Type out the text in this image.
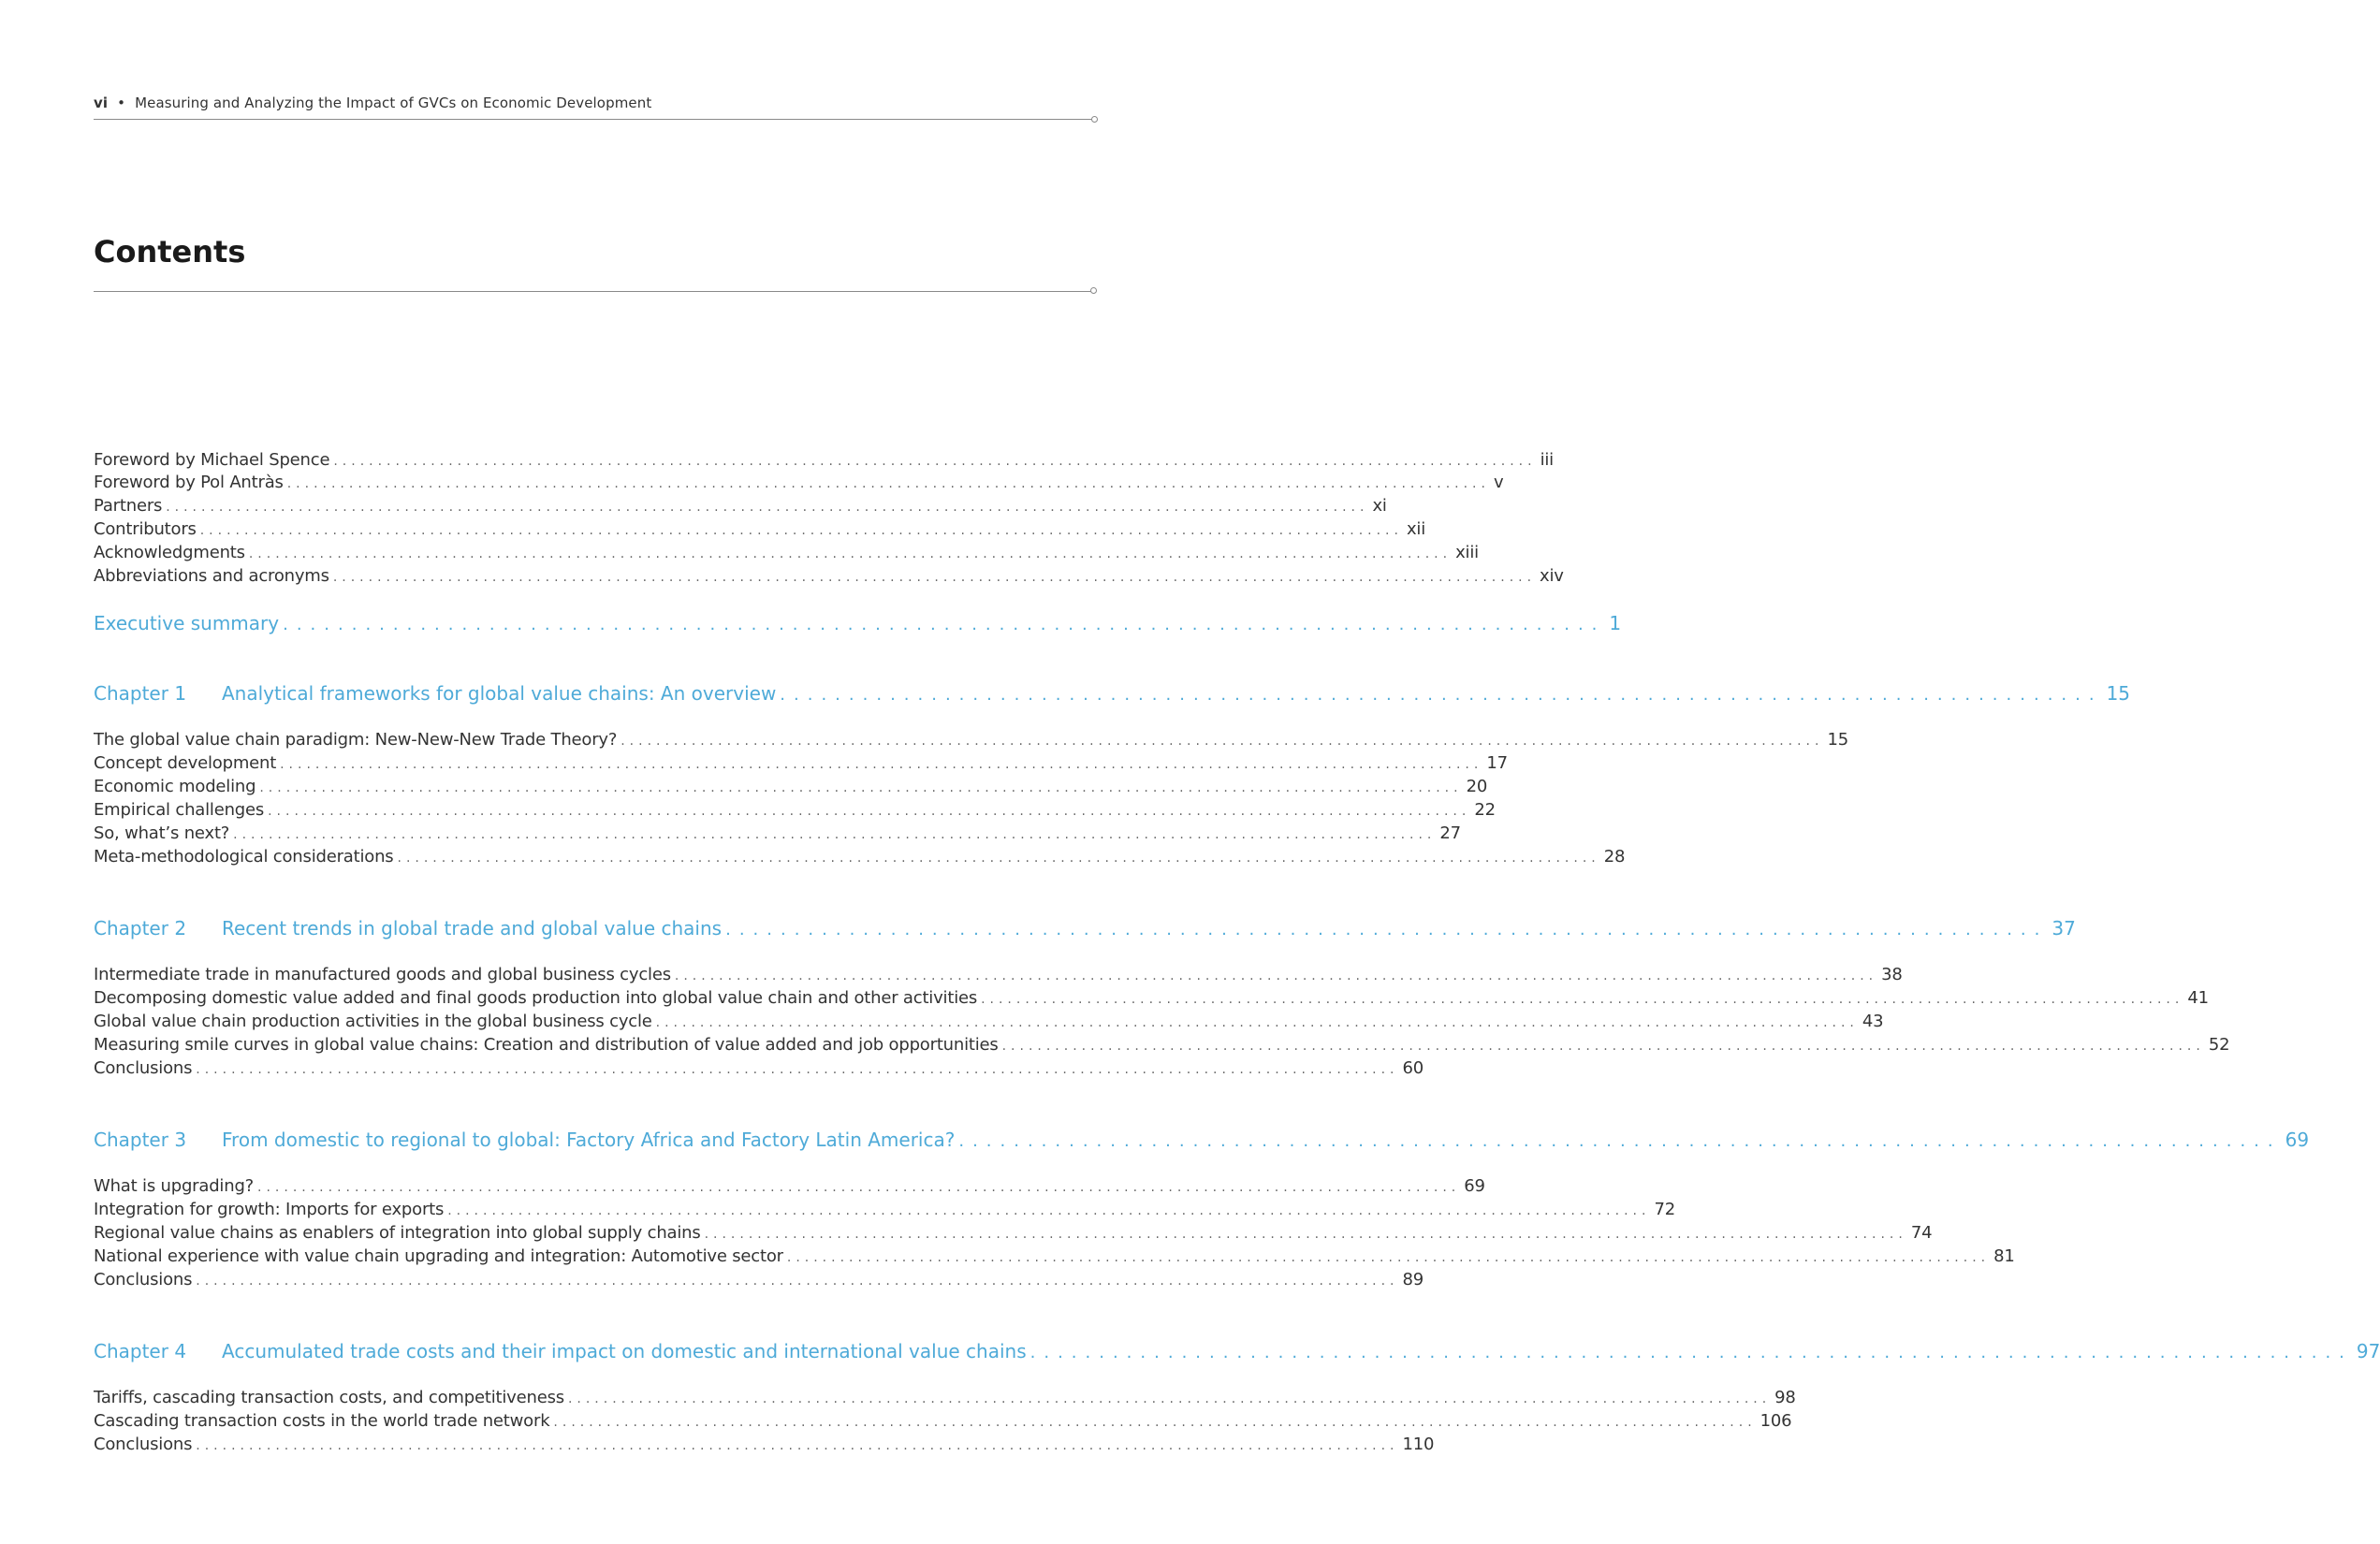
vi • Measuring and Analyzing the Impact of GVCs on Economic Development
Contents
Foreword by Michael Spence ........................................................................................................................................ iii
Foreword by Pol Antràs ........................................................................................................................................ v
Partners ........................................................................................................................................ xi
Contributors ........................................................................................................................................ xii
Acknowledgments ........................................................................................................................................ xiii
Abbreviations and acronyms ........................................................................................................................................ xiv
Executive summary ................................................................................................ 1
Chapter 1 Analytical frameworks for global value chains: An overview ................................................................................................ 15
The global value chain paradigm: New-New-New Trade Theory? ........................................................................................................................................ 15
Concept development ........................................................................................................................................ 17
Economic modeling ........................................................................................................................................ 20
Empirical challenges ........................................................................................................................................ 22
So, what’s next? ........................................................................................................................................ 27
Meta-methodological considerations ........................................................................................................................................ 28
Chapter 2 Recent trends in global trade and global value chains ................................................................................................ 37
Intermediate trade in manufactured goods and global business cycles ........................................................................................................................................ 38
Decomposing domestic value added and final goods production into global value chain and other activities ........................................................................................................................................ 41
Global value chain production activities in the global business cycle ........................................................................................................................................ 43
Measuring smile curves in global value chains: Creation and distribution of value added and job opportunities ........................................................................................................................................ 52
Conclusions ........................................................................................................................................ 60
Chapter 3 From domestic to regional to global: Factory Africa and Factory Latin America? ................................................................................................ 69
What is upgrading? ........................................................................................................................................ 69
Integration for growth: Imports for exports ........................................................................................................................................ 72
Regional value chains as enablers of integration into global supply chains ........................................................................................................................................ 74
National experience with value chain upgrading and integration: Automotive sector ........................................................................................................................................ 81
Conclusions ........................................................................................................................................ 89
Chapter 4 Accumulated trade costs and their impact on domestic and international value chains ................................................................................................ 97
Tariffs, cascading transaction costs, and competitiveness ........................................................................................................................................ 98
Cascading transaction costs in the world trade network ........................................................................................................................................ 106
Conclusions ........................................................................................................................................ 110
